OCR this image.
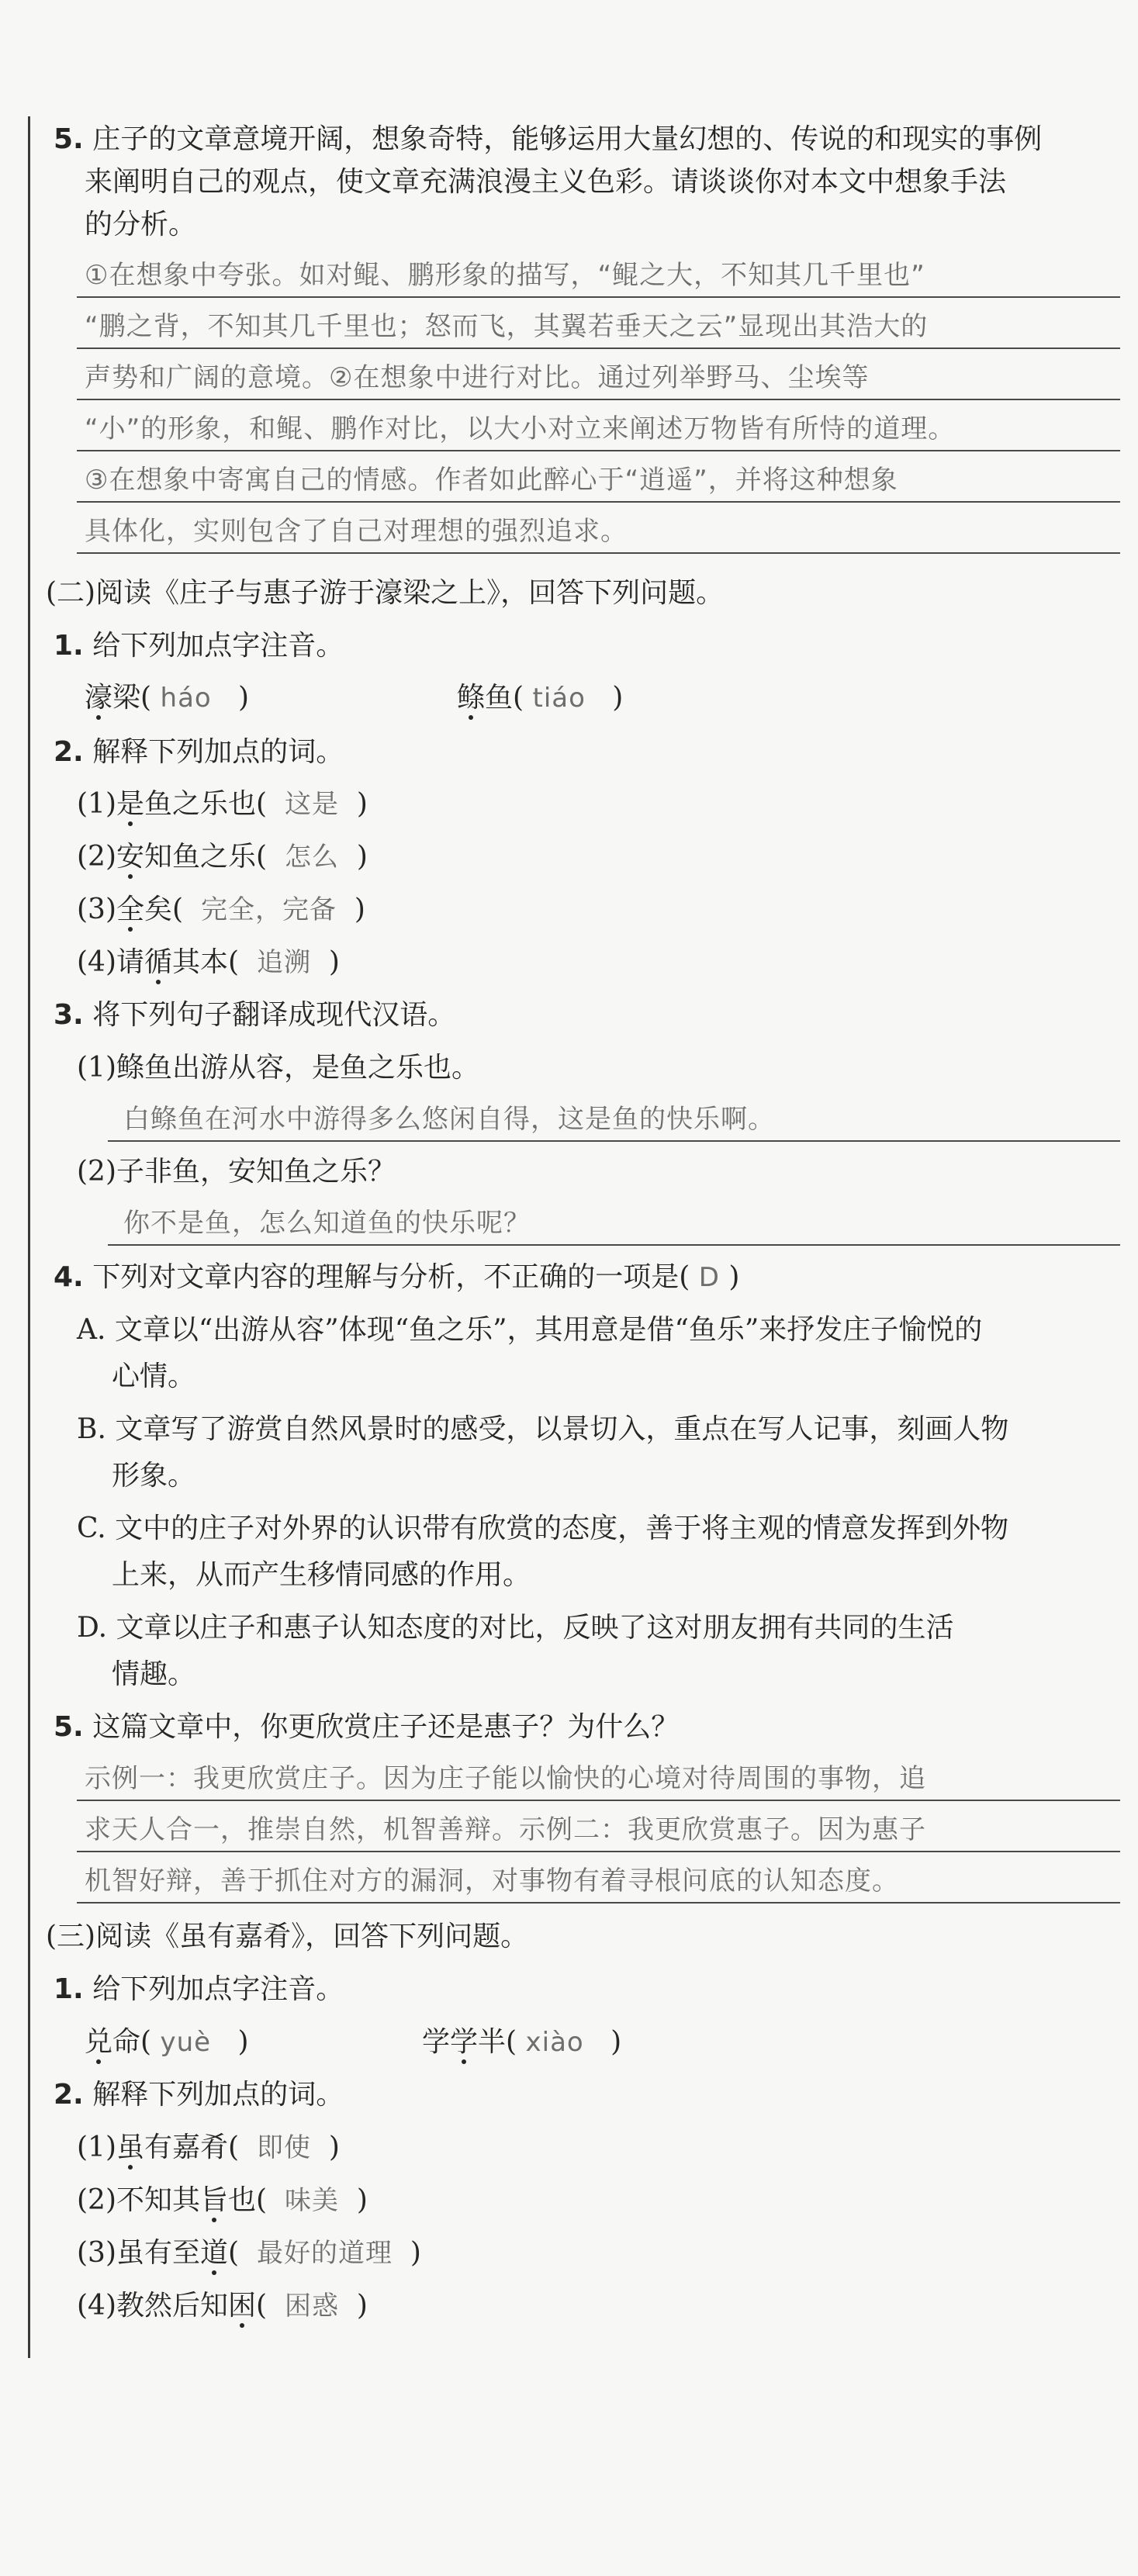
5. 庄子的文章意境开阔，想象奇特，能够运用大量幻想的、传说的和现实的事例
来阐明自己的观点，使文章充满浪漫主义色彩。请谈谈你对本文中想象手法
的分析。
①在想象中夸张。如对鲲、鹏形象的描写，“鲲之大，不知其几千里也”
“鹏之背，不知其几千里也；怒而飞，其翼若垂天之云”显现出其浩大的
声势和广阔的意境。②在想象中进行对比。通过列举野马、尘埃等
“小”的形象，和鲲、鹏作对比，以大小对立来阐述万物皆有所恃的道理。
③在想象中寄寓自己的情感。作者如此醉心于“逍遥”，并将这种想象
具体化，实则包含了自己对理想的强烈追求。
(二)阅读《庄子与惠子游于濠梁之上》，回答下列问题。
1. 给下列加点字注音。
濠梁( háo )	鲦鱼( tiáo )
2. 解释下列加点的词。
(1)是鱼之乐也( 这是 )
(2)安知鱼之乐( 怎么 )
(3)全矣( 完全，完备 )
(4)请循其本( 追溯 )
3. 将下列句子翻译成现代汉语。
(1)鲦鱼出游从容，是鱼之乐也。
白鲦鱼在河水中游得多么悠闲自得，这是鱼的快乐啊。
(2)子非鱼，安知鱼之乐？
你不是鱼，怎么知道鱼的快乐呢？
4. 下列对文章内容的理解与分析，不正确的一项是( D )
A. 文章以“出游从容”体现“鱼之乐”，其用意是借“鱼乐”来抒发庄子愉悦的
心情。
B. 文章写了游赏自然风景时的感受，以景切入，重点在写人记事，刻画人物
形象。
C. 文中的庄子对外界的认识带有欣赏的态度，善于将主观的情意发挥到外物
上来，从而产生移情同感的作用。
D. 文章以庄子和惠子认知态度的对比，反映了这对朋友拥有共同的生活
情趣。
5. 这篇文章中，你更欣赏庄子还是惠子？为什么？
示例一：我更欣赏庄子。因为庄子能以愉快的心境对待周围的事物，追
求天人合一，推崇自然，机智善辩。示例二：我更欣赏惠子。因为惠子
机智好辩，善于抓住对方的漏洞，对事物有着寻根问底的认知态度。
(三)阅读《虽有嘉肴》，回答下列问题。
1. 给下列加点字注音。
兑命( yuè )	学学半( xiào )
2. 解释下列加点的词。
(1)虽有嘉肴( 即使 )
(2)不知其旨也( 味美 )
(3)虽有至道( 最好的道理 )
(4)教然后知困( 困惑 )
